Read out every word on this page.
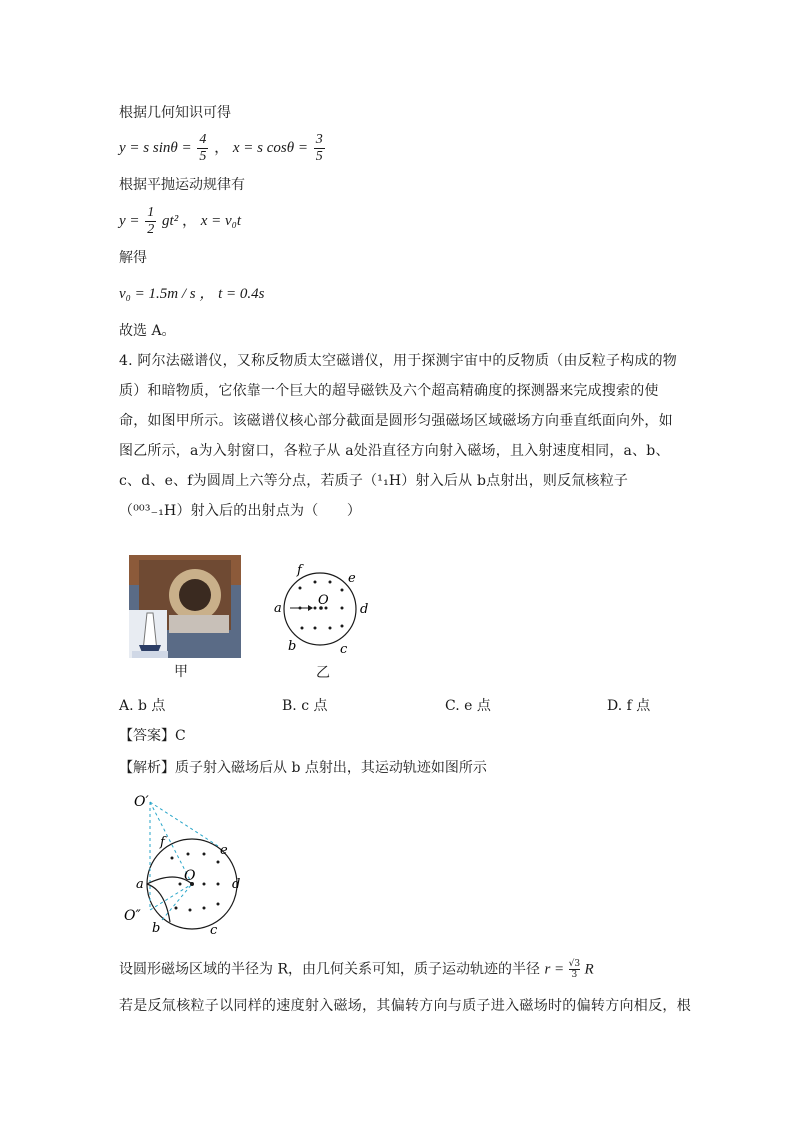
根据几何知识可得
y = s $\sin\theta = \frac{4}{5}$ ， x = s $\cos\theta = \frac{3}{5}$
根据平抛运动规律有
$y = \frac{1}{2} gt^2$ ， x = v₀t
解得
v₀ = 1.5m / s ， t = 0.4s
故选 A。
4. 阿尔法磁谱仪，又称反物质太空磁谱仪，用于探测宇宙中的反物质（由反粒子构成的物质）和暗物质，它依靠一个巨大的超导磁铁及六个超高精确度的探测器来完成搜索的使命，如图甲所示。该磁谱仪核心部分截面是圆形匀强磁场区域磁场方向垂直纸面向外，如图乙所示，a为入射窗口，各粒子从 a处沿直径方向射入磁场，且入射速度相同，a、b、c、d、e、f为圆周上六等分点，若质子（¹₁H）射入后从 b点射出，则反氚核粒子（⁰⁰³₋₁H）射入后的出射点为（　　）
甲
f
e
a	d
b	c
O
乙
A. b 点	B. c 点	C. e 点	D. f 点
【答案】C
【解析】质子射入磁场后从 b 点射出，其运动轨迹如图所示
O′
O″
O
f
e
a	d
b	c
设圆形磁场区域的半径为 R，由几何关系可知，质子运动轨迹的半径 $r = \frac{√3}{3}$ R
若是反氚核粒子以同样的速度射入磁场，其偏转方向与质子进入磁场时的偏转方向相反，根
